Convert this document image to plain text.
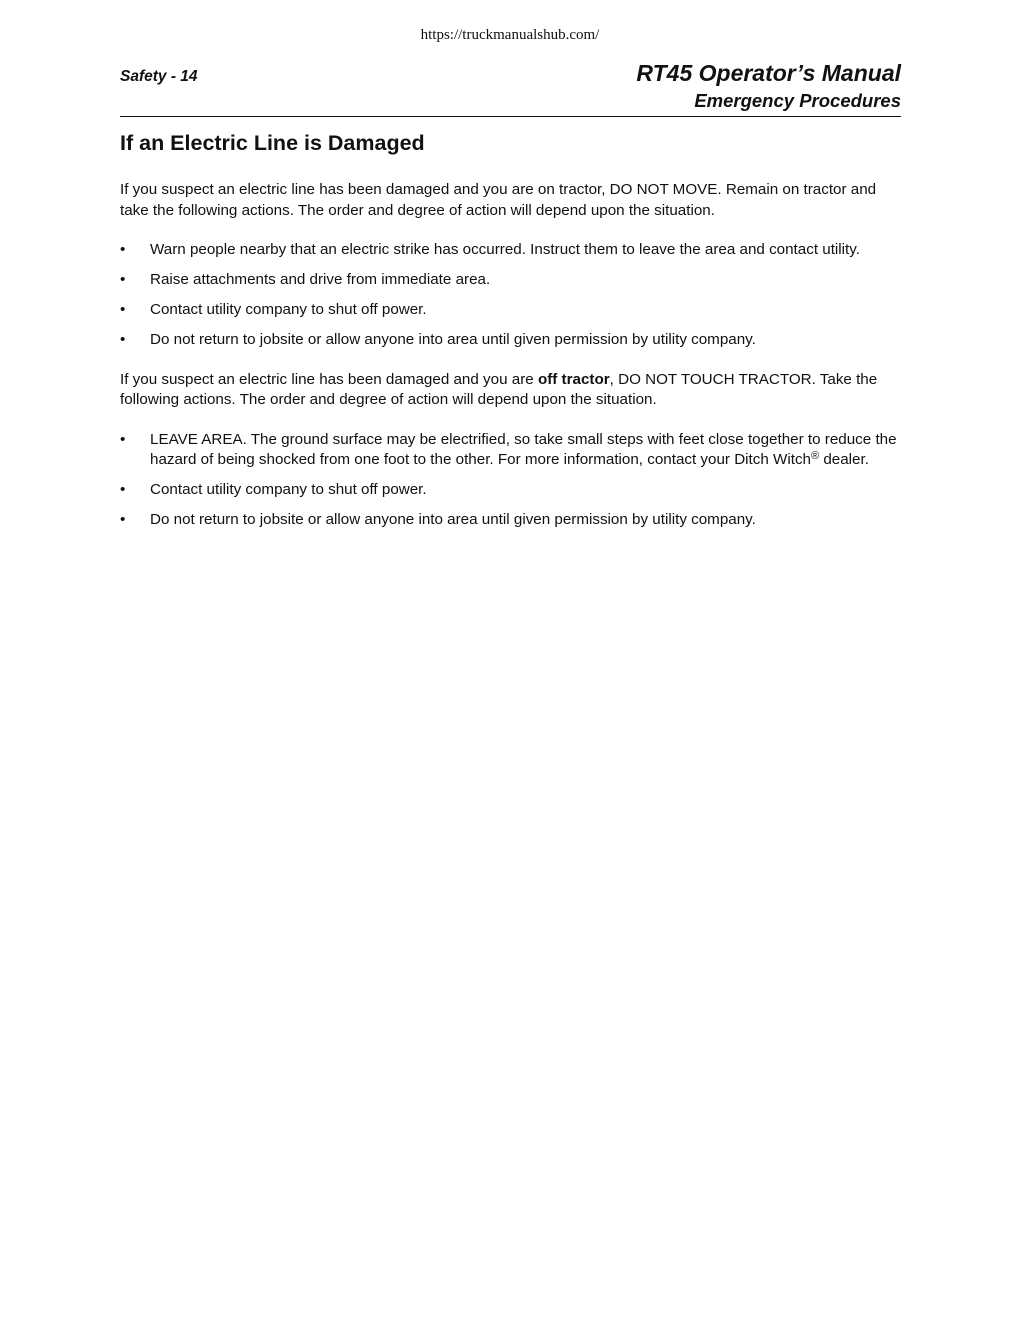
https://truckmanualshub.com/
Safety - 14	RT45 Operator’s Manual
Emergency Procedures
If an Electric Line is Damaged

If you suspect an electric line has been damaged and you are on tractor, DO NOT MOVE. Remain on tractor and take the following actions. The order and degree of action will depend upon the situation.

• Warn people nearby that an electric strike has occurred. Instruct them to leave the area and contact utility.
• Raise attachments and drive from immediate area.
• Contact utility company to shut off power.
• Do not return to jobsite or allow anyone into area until given permission by utility company.

If you suspect an electric line has been damaged and you are off tractor, DO NOT TOUCH TRACTOR. Take the following actions. The order and degree of action will depend upon the situation.

• LEAVE AREA. The ground surface may be electrified, so take small steps with feet close together to reduce the hazard of being shocked from one foot to the other. For more information, contact your Ditch Witch® dealer.
• Contact utility company to shut off power.
• Do not return to jobsite or allow anyone into area until given permission by utility company.
